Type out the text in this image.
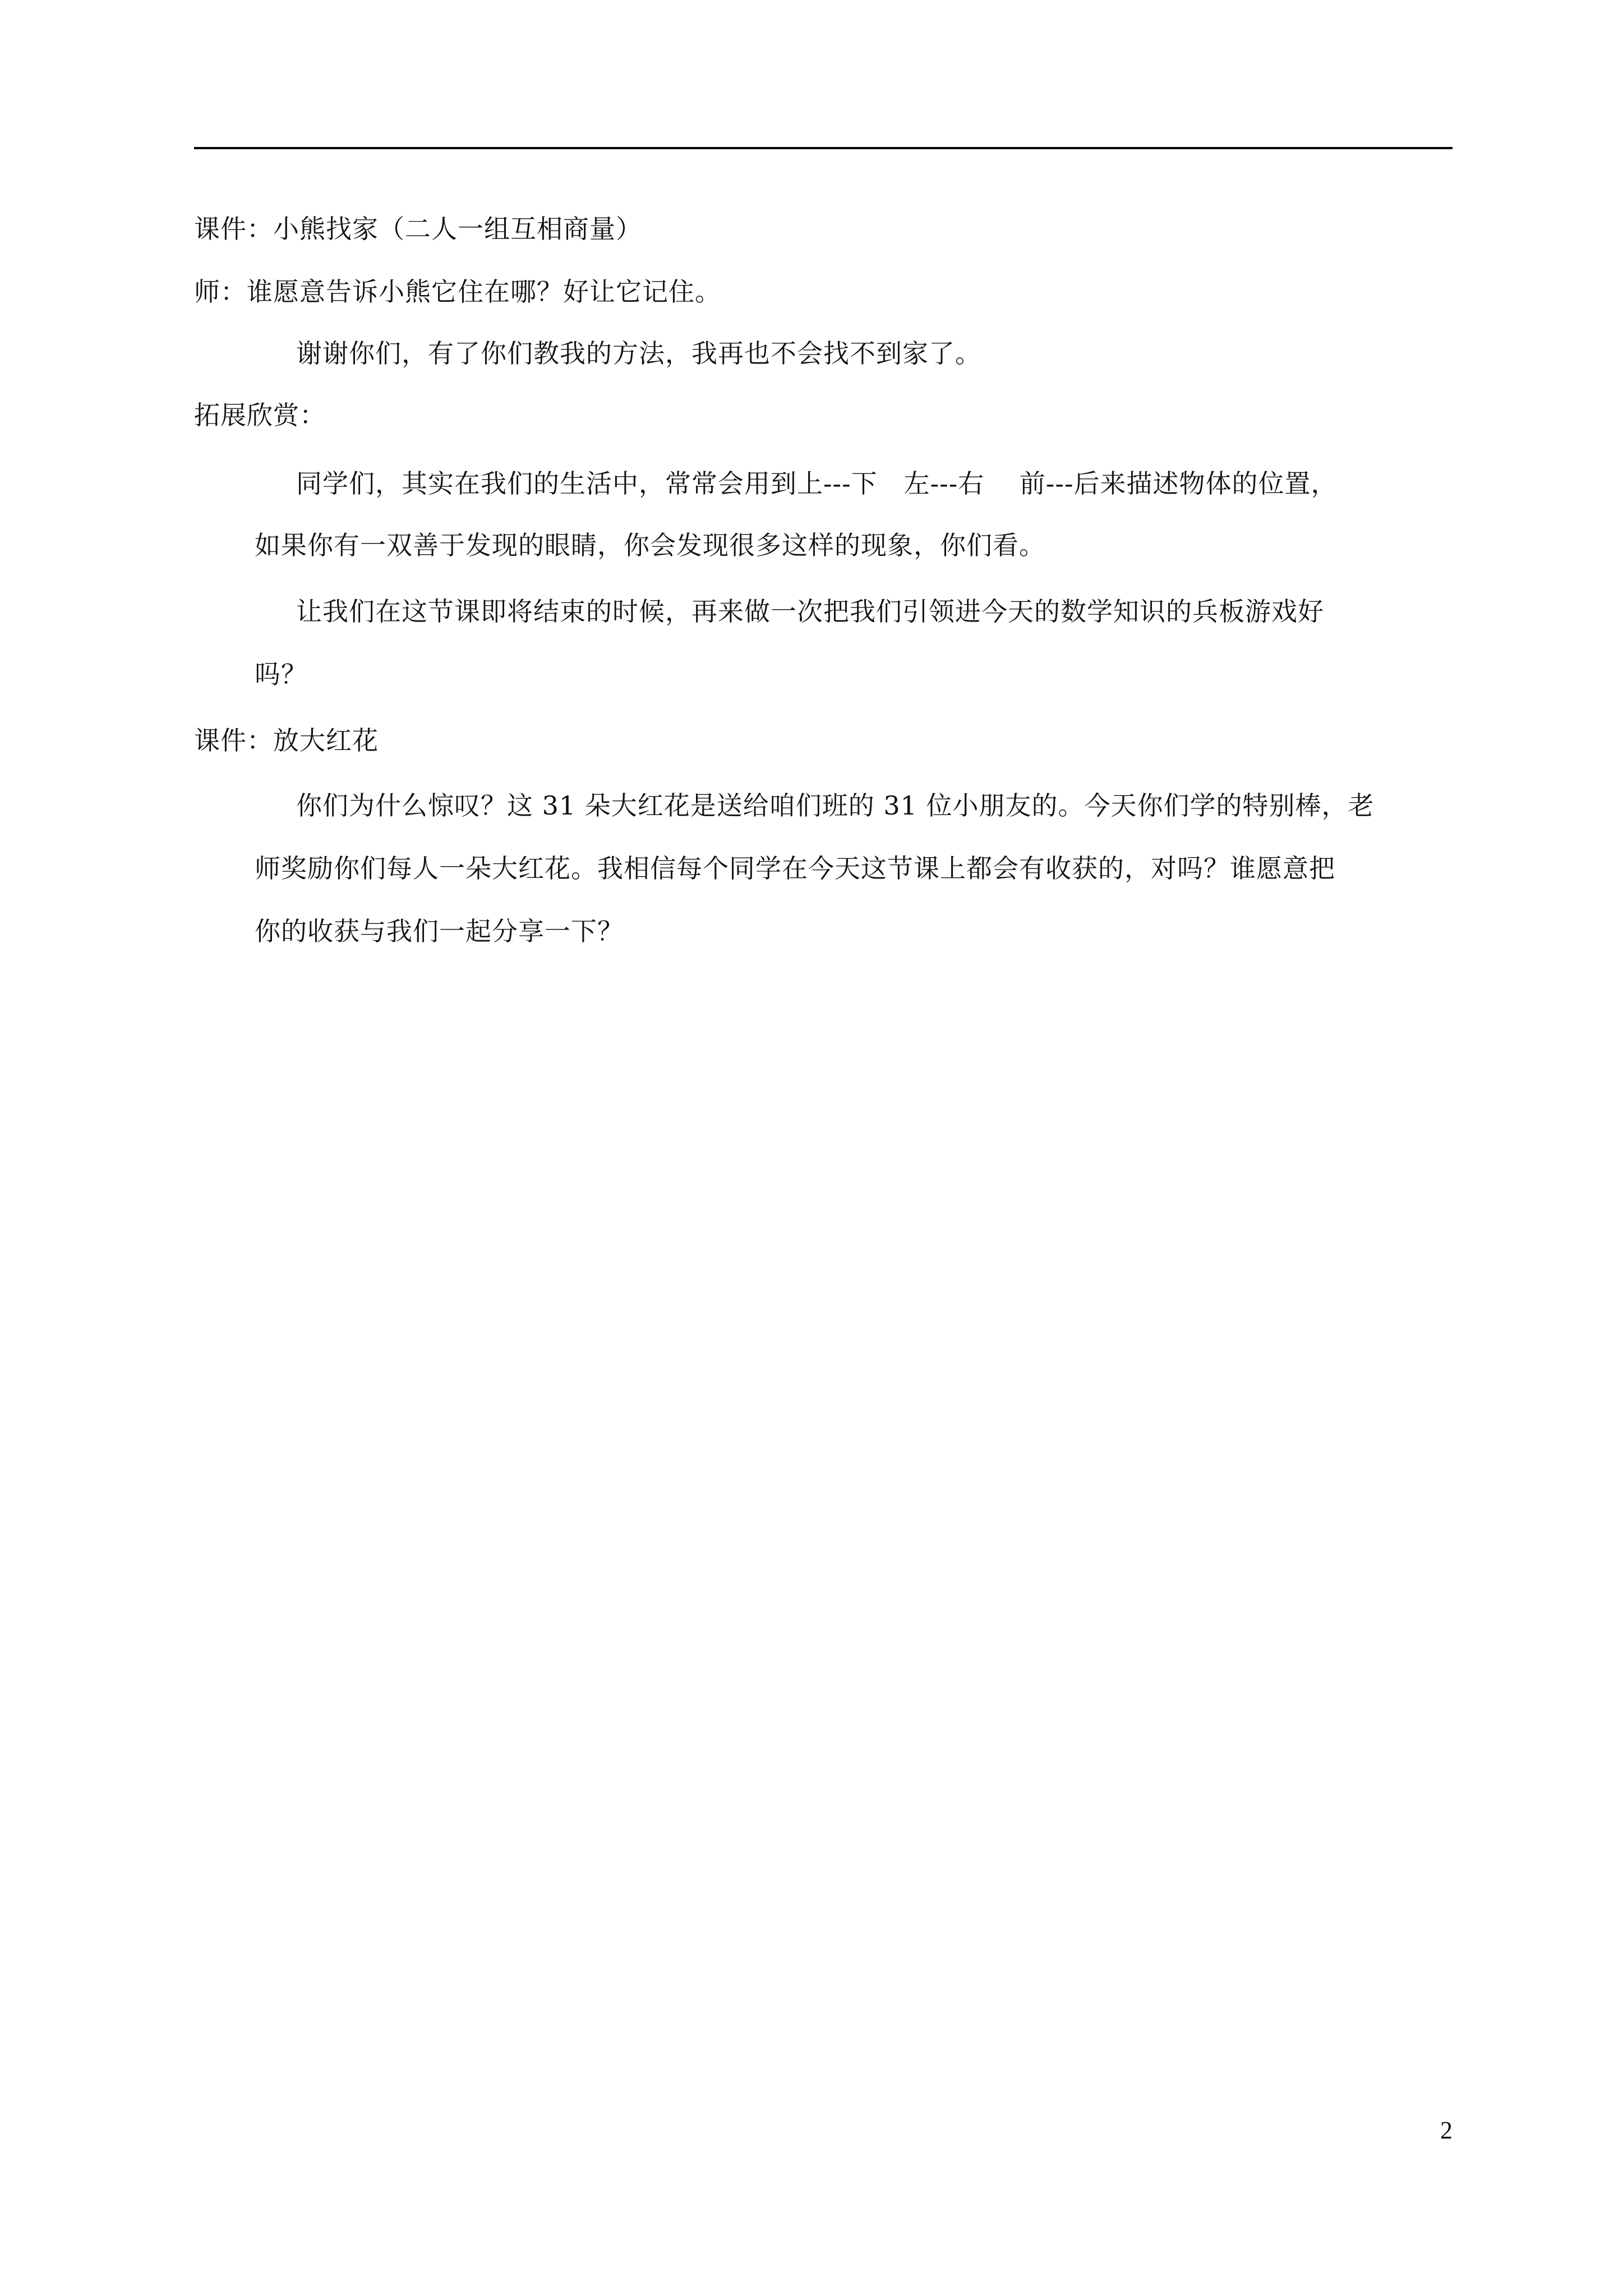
课件：小熊找家（二人一组互相商量）
师：谁愿意告诉小熊它住在哪？好让它记住。
谢谢你们，有了你们教我的方法，我再也不会找不到家了。
拓展欣赏：
同学们，其实在我们的生活中，常常会用到上---下　左---右　 前---后来描述物体的位置，
如果你有一双善于发现的眼睛，你会发现很多这样的现象，你们看。
让我们在这节课即将结束的时候，再来做一次把我们引领进今天的数学知识的兵板游戏好
吗？
课件：放大红花
你们为什么惊叹？这 31 朵大红花是送给咱们班的 31 位小朋友的。今天你们学的特别棒，老
师奖励你们每人一朵大红花。我相信每个同学在今天这节课上都会有收获的，对吗？谁愿意把
你的收获与我们一起分享一下？
2
